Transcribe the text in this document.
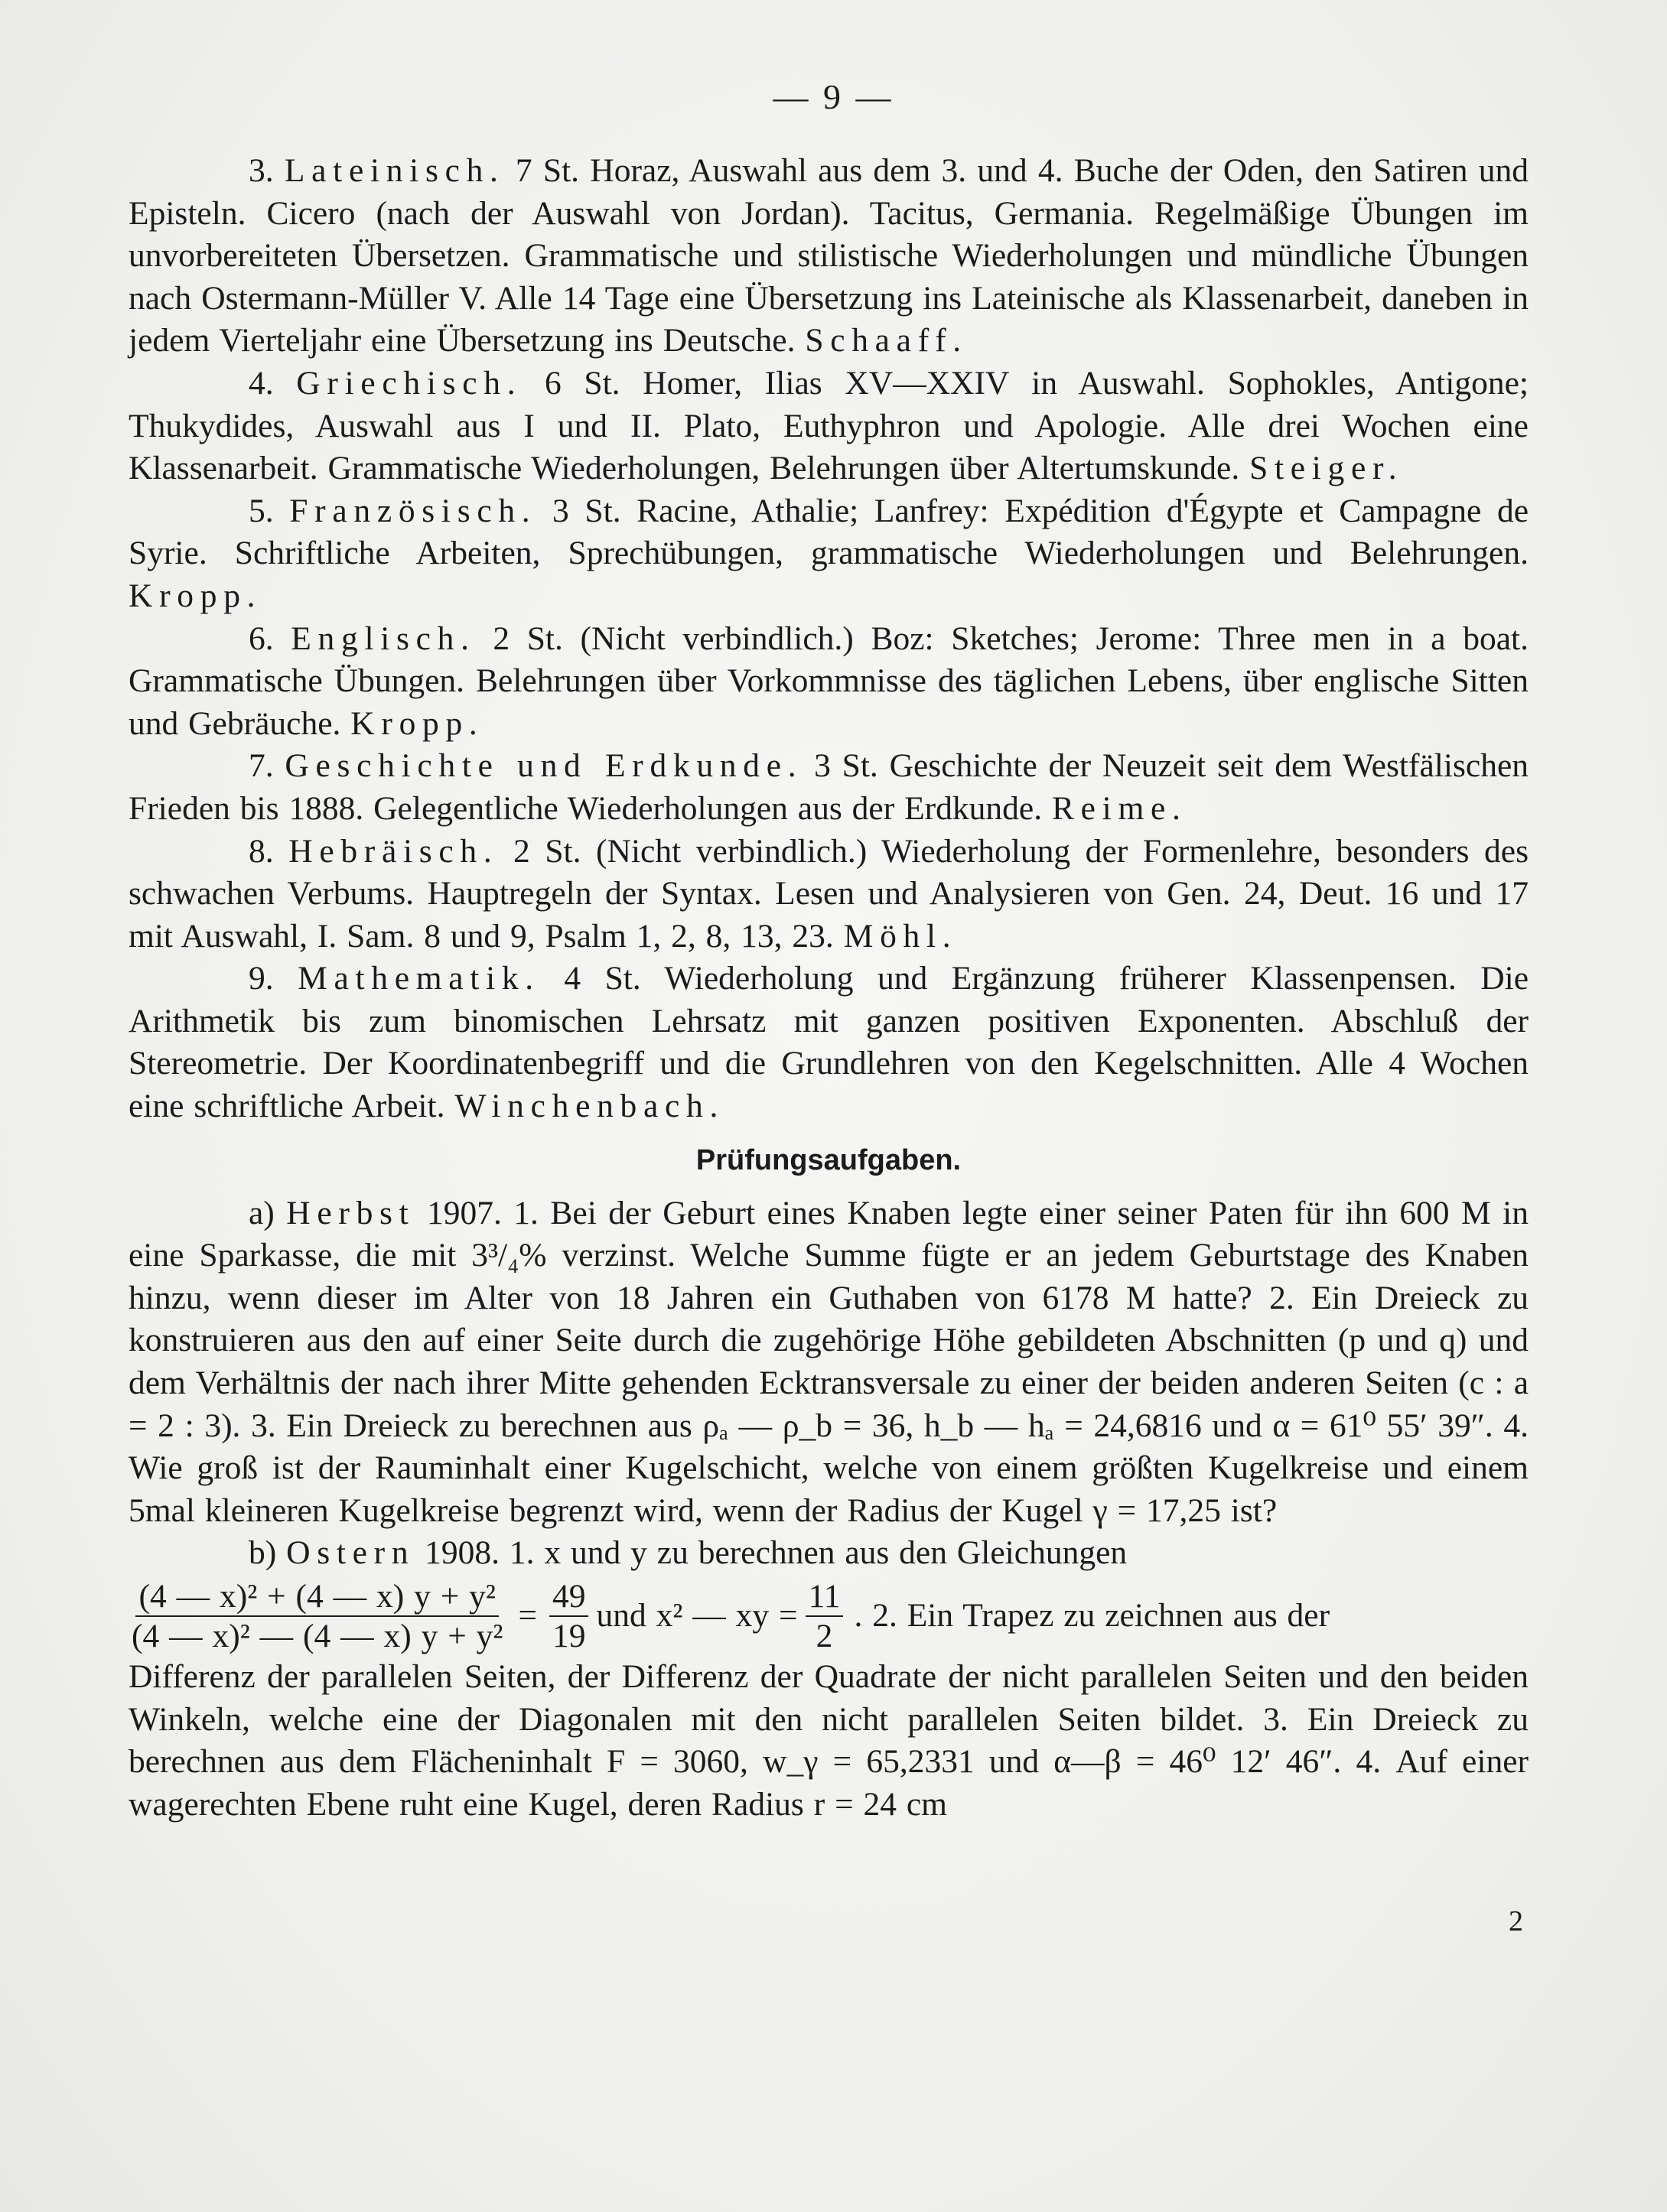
— 9 —

3. Lateinisch. 7 St. Horaz, Auswahl aus dem 3. und 4. Buche der Oden, den Satiren und Episteln. Cicero (nach der Auswahl von Jordan). Tacitus, Germania. Regelmäßige Übungen im unvorbereiteten Übersetzen. Grammatische und stilistische Wiederholungen und mündliche Übungen nach Ostermann-Müller V. Alle 14 Tage eine Übersetzung ins Lateinische als Klassenarbeit, daneben in jedem Vierteljahr eine Übersetzung ins Deutsche. Schaaff.

4. Griechisch. 6 St. Homer, Ilias XV—XXIV in Auswahl. Sophokles, Antigone; Thukydides, Auswahl aus I und II. Plato, Euthyphron und Apologie. Alle drei Wochen eine Klassenarbeit. Grammatische Wiederholungen, Belehrungen über Altertumskunde. Steiger.

5. Französisch. 3 St. Racine, Athalie; Lanfrey: Expédition d'Égypte et Campagne de Syrie. Schriftliche Arbeiten, Sprechübungen, grammatische Wiederholungen und Belehrungen. Kropp.

6. Englisch. 2 St. (Nicht verbindlich.) Boz: Sketches; Jerome: Three men in a boat. Grammatische Übungen. Belehrungen über Vorkommnisse des täglichen Lebens, über englische Sitten und Gebräuche. Kropp.

7. Geschichte und Erdkunde. 3 St. Geschichte der Neuzeit seit dem Westfälischen Frieden bis 1888. Gelegentliche Wiederholungen aus der Erdkunde. Reime.

8. Hebräisch. 2 St. (Nicht verbindlich.) Wiederholung der Formenlehre, besonders des schwachen Verbums. Hauptregeln der Syntax. Lesen und Analysieren von Gen. 24, Deut. 16 und 17 mit Auswahl, I. Sam. 8 und 9, Psalm 1, 2, 8, 13, 23. Möhl.

9. Mathematik. 4 St. Wiederholung und Ergänzung früherer Klassenpensen. Die Arithmetik bis zum binomischen Lehrsatz mit ganzen positiven Exponenten. Abschluß der Stereometrie. Der Koordinatenbegriff und die Grundlehren von den Kegelschnitten. Alle 4 Wochen eine schriftliche Arbeit. Winchenbach.

Prüfungsaufgaben.

a) Herbst 1907. 1. Bei der Geburt eines Knaben legte einer seiner Paten für ihn 600 M in eine Sparkasse, die mit 3³/₄% verzinst. Welche Summe fügte er an jedem Geburtstage des Knaben hinzu, wenn dieser im Alter von 18 Jahren ein Guthaben von 6178 M hatte? 2. Ein Dreieck zu konstruieren aus den auf einer Seite durch die zugehörige Höhe gebildeten Abschnitten (p und q) und dem Verhältnis der nach ihrer Mitte gehenden Ecktransversale zu einer der beiden anderen Seiten (c : a = 2 : 3). 3. Ein Dreieck zu berechnen aus ρₐ — ρ_b = 36, h_b — hₐ = 24,6816 und α = 61⁰ 55′ 39″. 4. Wie groß ist der Rauminhalt einer Kugelschicht, welche von einem größten Kugelkreise und einem 5mal kleineren Kugelkreise begrenzt wird, wenn der Radius der Kugel γ = 17,25 ist?

b) Ostern 1908. 1. x und y zu berechnen aus den Gleichungen

$\frac{\text{(4 — x)² + (4 — x) y + y²}}{\text{(4 — x)² — (4 — x) y + y²}} = \frac{49}{19}$ und x² — xy = $\frac{11}{2}$ . 2. Ein Trapez zu zeichnen aus der

Differenz der parallelen Seiten, der Differenz der Quadrate der nicht parallelen Seiten und den beiden Winkeln, welche eine der Diagonalen mit den nicht parallelen Seiten bildet. 3. Ein Dreieck zu berechnen aus dem Flächeninhalt F = 3060, w_γ = 65,2331 und α—β = 46⁰ 12′ 46″. 4. Auf einer wagerechten Ebene ruht eine Kugel, deren Radius r = 24 cm

2
